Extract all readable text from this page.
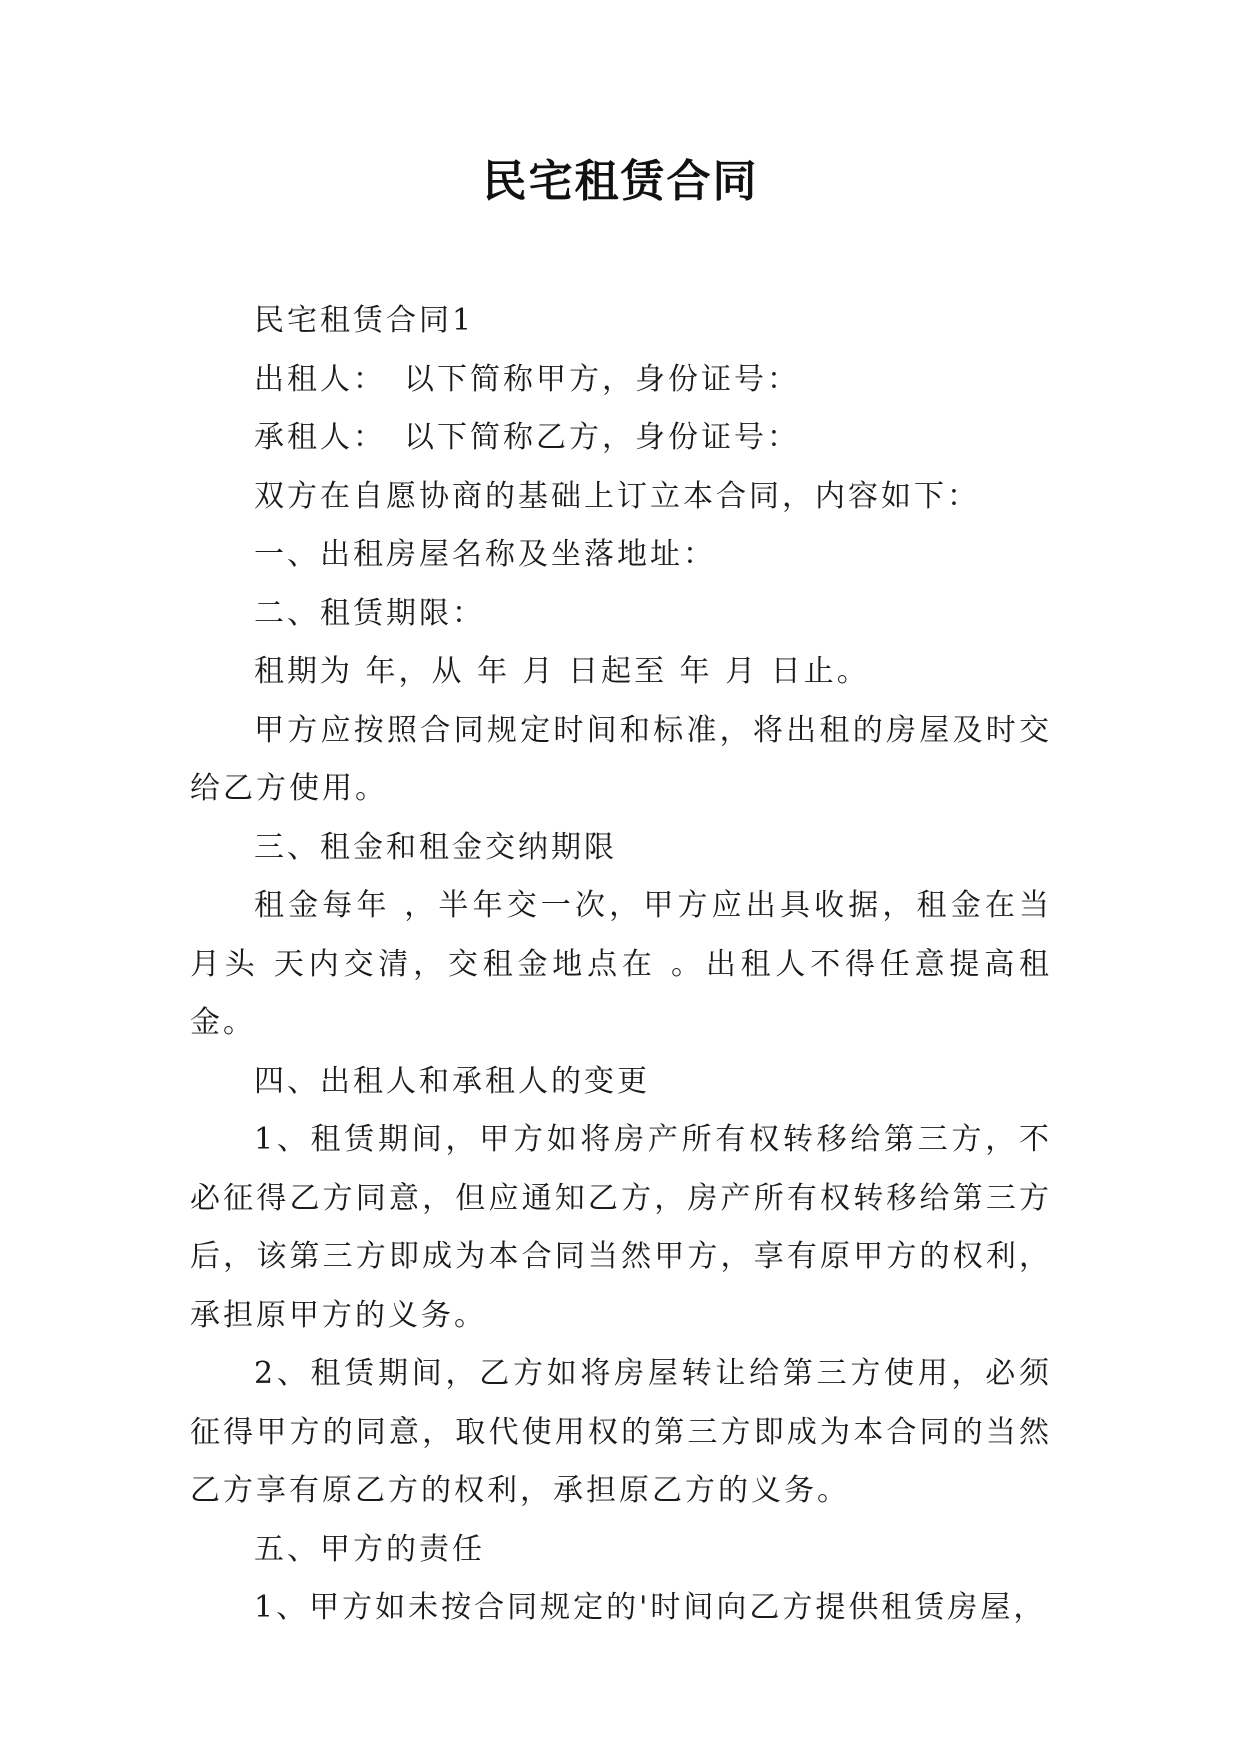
民宅租赁合同

民宅租赁合同1

出租人：　以下简称甲方，身份证号：

承租人：　以下简称乙方，身份证号：

双方在自愿协商的基础上订立本合同，内容如下：

一、出租房屋名称及坐落地址：

二、租赁期限：

租期为 年，从 年 月 日起至 年 月 日止。

甲方应按照合同规定时间和标准，将出租的房屋及时交给乙方使用。

三、租金和租金交纳期限

租金每年 ，半年交一次，甲方应出具收据，租金在当月头 天内交清，交租金地点在 。出租人不得任意提高租金。

四、出租人和承租人的变更

1、租赁期间，甲方如将房产所有权转移给第三方，不必征得乙方同意，但应通知乙方，房产所有权转移给第三方后，该第三方即成为本合同当然甲方，享有原甲方的权利，承担原甲方的义务。

2、租赁期间，乙方如将房屋转让给第三方使用，必须征得甲方的同意，取代使用权的第三方即成为本合同的当然乙方享有原乙方的权利，承担原乙方的义务。

五、甲方的责任

1、甲方如未按合同规定的'时间向乙方提供租赁房屋，
